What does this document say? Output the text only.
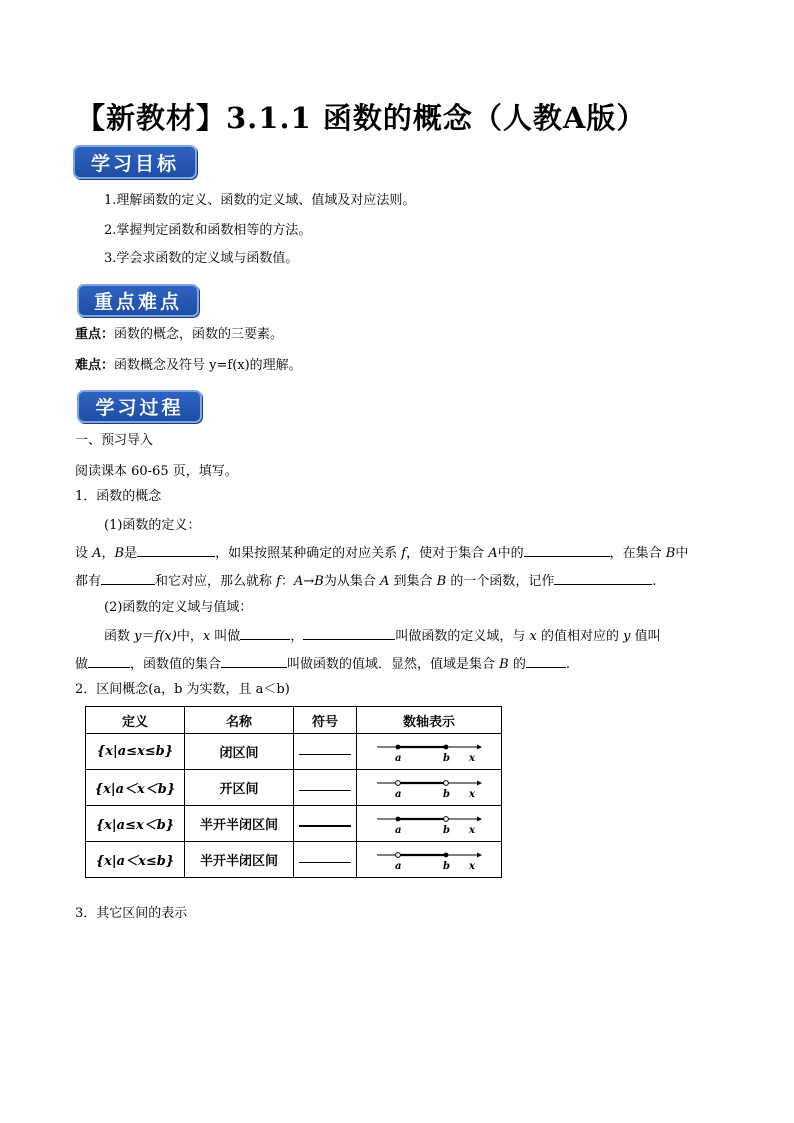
【新教材】3.1.1 函数的概念（人教A版）
学习目标
1.理解函数的定义、函数的定义域、值域及对应法则。
2.掌握判定函数和函数相等的方法。
3.学会求函数的定义域与函数值。
重点难点
重点：函数的概念，函数的三要素。
难点：函数概念及符号 y=f(x)的理解。
学习过程
一、预习导入
阅读课本 60-65 页，填写。
1．函数的概念
(1)函数的定义：
设 A，B是	，如果按照某种确定的对应关系 f，使对于集合 A中的	，在集合 B中
都有	和它对应，那么就称 f：A→B为从集合 A 到集合 B 的一个函数，记作	.
(2)函数的定义域与值域：
函数 y＝f(x)中，x 叫做	，	叫做函数的定义域，与 x 的值相对应的 y 值叫
做	，函数值的集合	叫做函数的值域．显然，值域是集合 B 的	.
2．区间概念(a，b 为实数，且 a＜b)
定义	名称	符号	数轴表示
{x|a≤x≤b}	闭区间		a b x

{x|a＜x＜b}	开区间		a b x

{x|a≤x＜b}	半开半闭区间		a b x

{x|a＜x≤b}	半开半闭区间		a b x
3．其它区间的表示
